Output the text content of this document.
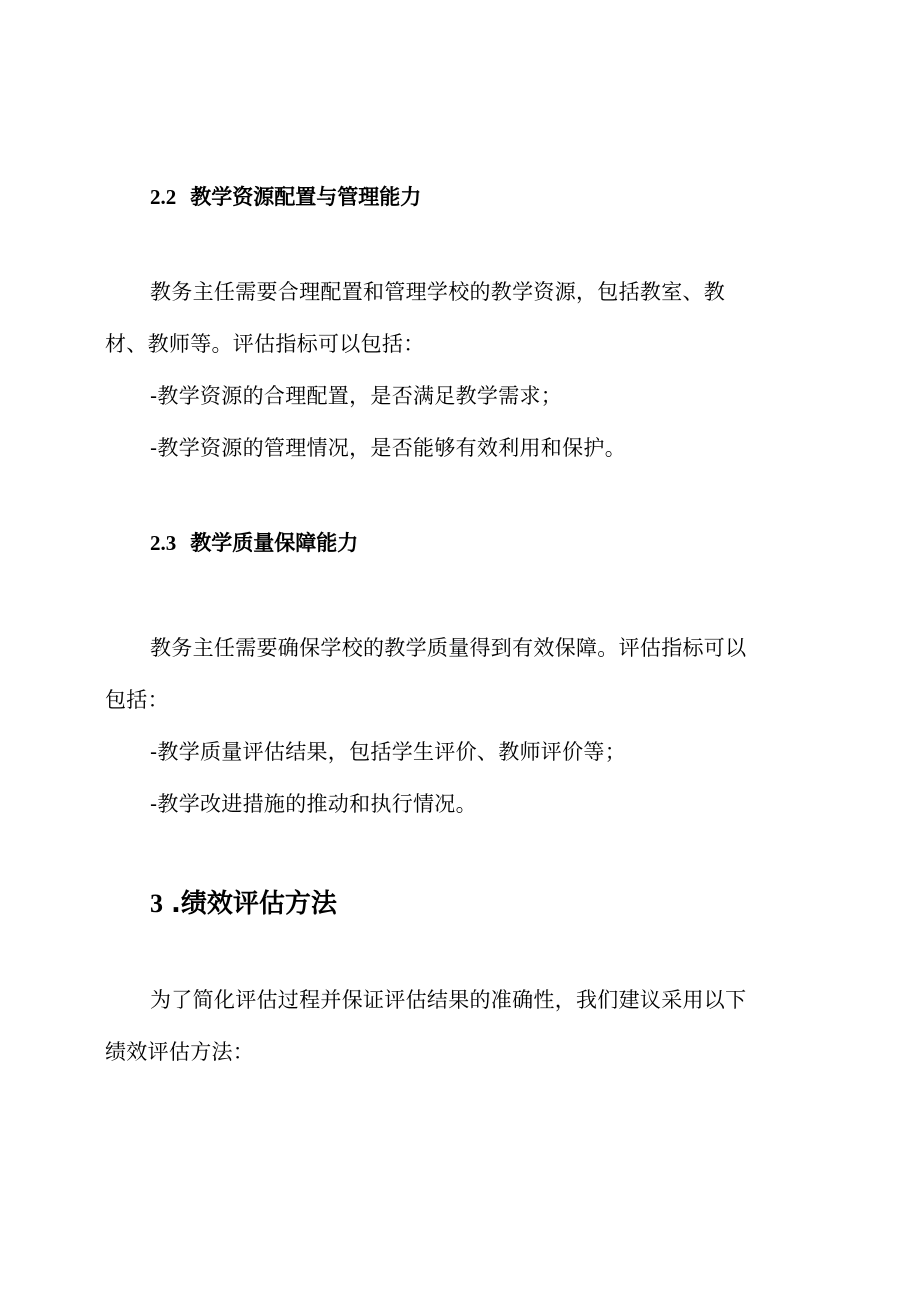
2.2 教学资源配置与管理能力

教务主任需要合理配置和管理学校的教学资源，包括教室、教
材、教师等。评估指标可以包括：
-教学资源的合理配置，是否满足教学需求；
-教学资源的管理情况，是否能够有效利用和保护。

2.3 教学质量保障能力

教务主任需要确保学校的教学质量得到有效保障。评估指标可以
包括：
-教学质量评估结果，包括学生评价、教师评价等；
-教学改进措施的推动和执行情况。

3 .绩效评估方法

为了简化评估过程并保证评估结果的准确性，我们建议采用以下
绩效评估方法：
